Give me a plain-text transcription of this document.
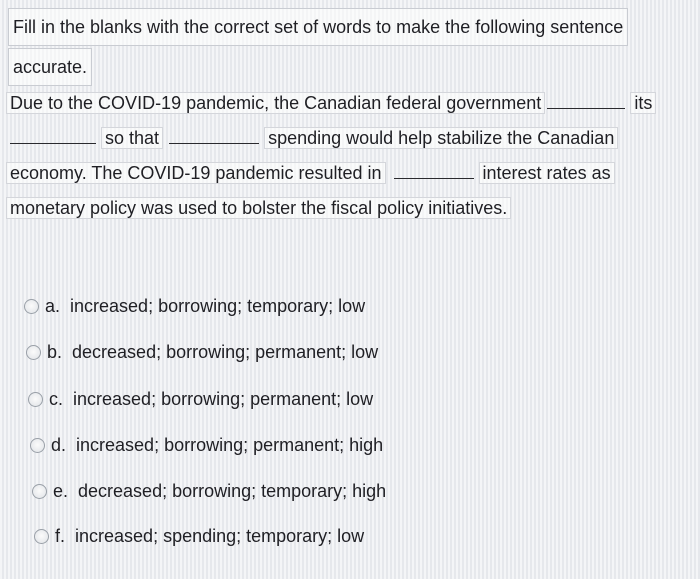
Fill in the blanks with the correct set of words to make the following sentence
accurate.
Due to the COVID-19 pandemic, the Canadian federal government	its
so that	spending would help stabilize the Canadian
economy. The COVID-19 pandemic resulted in	interest rates as
monetary policy was used to bolster the fiscal policy initiatives.
a. increased; borrowing; temporary; low
b. decreased; borrowing; permanent; low
c. increased; borrowing; permanent; low
d. increased; borrowing; permanent; high
e. decreased; borrowing; temporary; high
f. increased; spending; temporary; low
